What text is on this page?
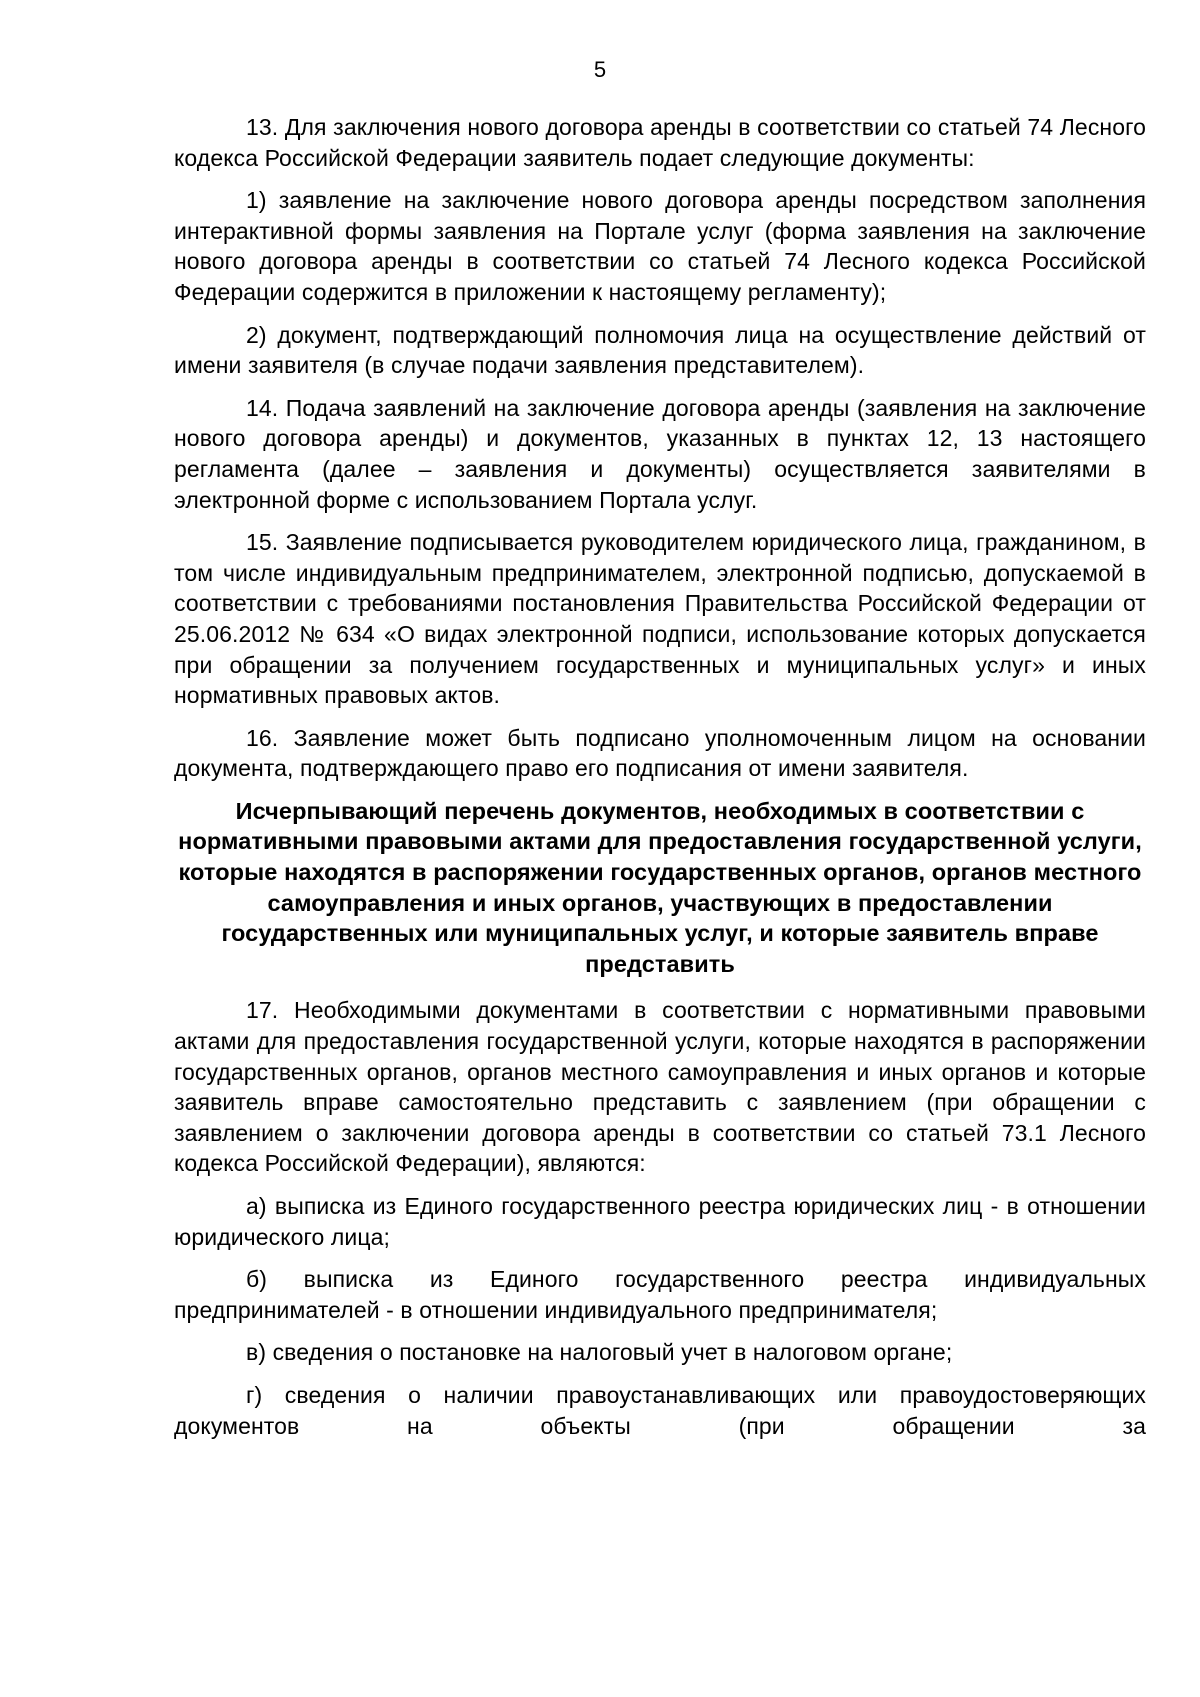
5

13. Для заключения нового договора аренды в соответствии со статьей 74 Лесного кодекса Российской Федерации заявитель подает следующие документы:

1) заявление на заключение нового договора аренды посредством заполнения интерактивной формы заявления на Портале услуг (форма заявления на заключение нового договора аренды в соответствии со статьей 74 Лесного кодекса Российской Федерации содержится в приложении к настоящему регламенту);

2) документ, подтверждающий полномочия лица на осуществление действий от имени заявителя (в случае подачи заявления представителем).

14. Подача заявлений на заключение договора аренды (заявления на заключение нового договора аренды) и документов, указанных в пунктах 12, 13 настоящего регламента (далее – заявления и документы) осуществляется заявителями в электронной форме с использованием Портала услуг.

15. Заявление подписывается руководителем юридического лица, гражданином, в том числе индивидуальным предпринимателем, электронной подписью, допускаемой в соответствии с требованиями постановления Правительства Российской Федерации от 25.06.2012 № 634 «О видах электронной подписи, использование которых допускается при обращении за получением государственных и муниципальных услуг» и иных нормативных правовых актов.

16. Заявление может быть подписано уполномоченным лицом на основании документа, подтверждающего право его подписания от имени заявителя.

Исчерпывающий перечень документов, необходимых в соответствии с нормативными правовыми актами для предоставления государственной услуги, которые находятся в распоряжении государственных органов, органов местного самоуправления и иных органов, участвующих в предоставлении государственных или муниципальных услуг, и которые заявитель вправе представить

17. Необходимыми документами в соответствии с нормативными правовыми актами для предоставления государственной услуги, которые находятся в распоряжении государственных органов, органов местного самоуправления и иных органов и которые заявитель вправе самостоятельно представить с заявлением (при обращении с заявлением о заключении договора аренды в соответствии со статьей 73.1 Лесного кодекса Российской Федерации), являются:

а) выписка из Единого государственного реестра юридических лиц - в отношении юридического лица;

б) выписка из Единого государственного реестра индивидуальных предпринимателей - в отношении индивидуального предпринимателя;

в) сведения о постановке на налоговый учет в налоговом органе;

г) сведения о наличии правоустанавливающих или правоудостоверяющих документов на объекты (при обращении за
